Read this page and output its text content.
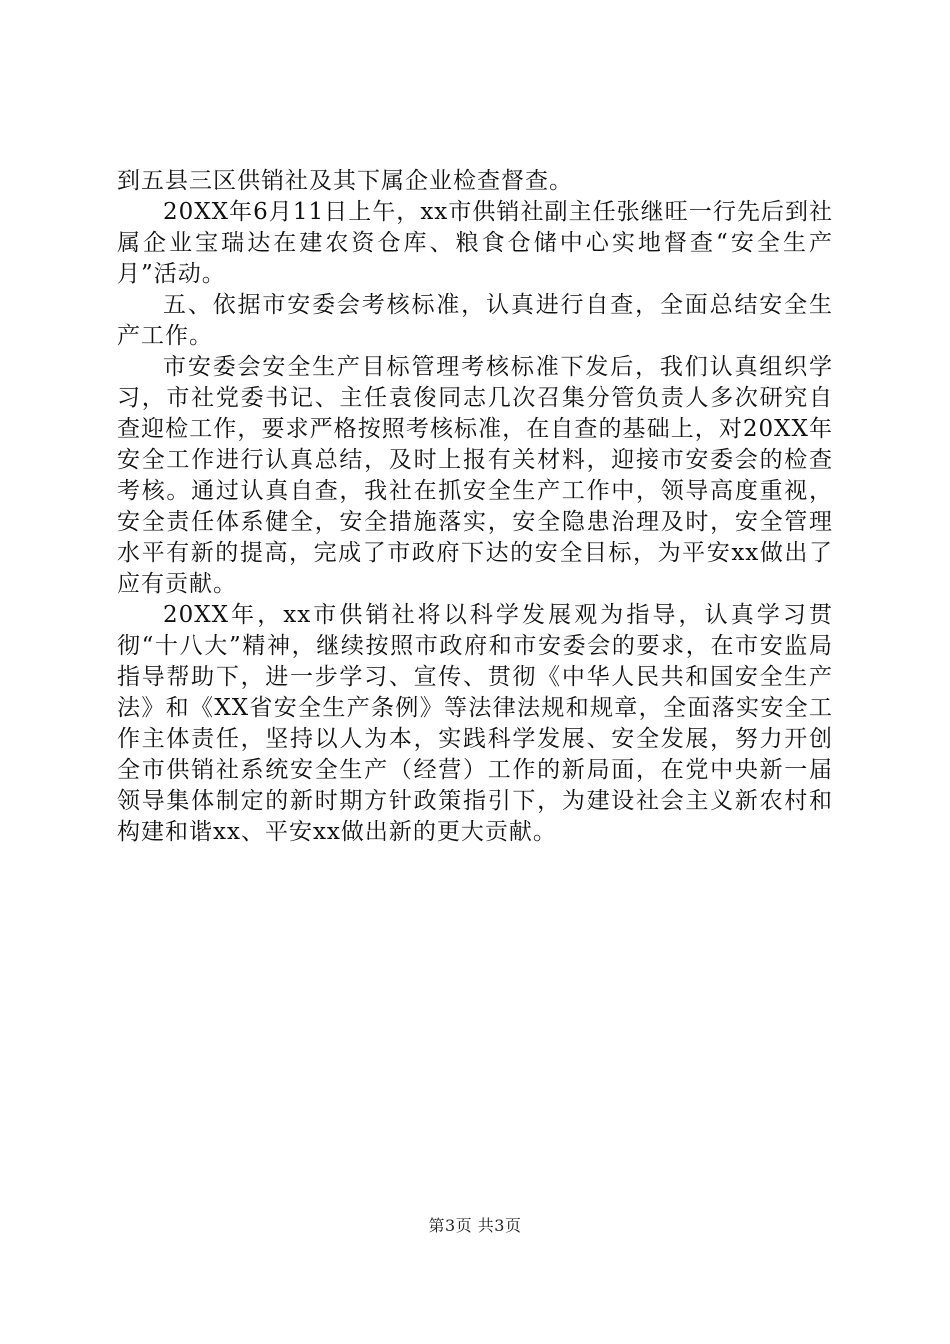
到五县三区供销社及其下属企业检查督查。

20XX年6月11日上午，xx市供销社副主任张继旺一行先后到社属企业宝瑞达在建农资仓库、粮食仓储中心实地督查“安全生产月”活动。

五、依据市安委会考核标准，认真进行自查，全面总结安全生产工作。

市安委会安全生产目标管理考核标准下发后，我们认真组织学习，市社党委书记、主任袁俊同志几次召集分管负责人多次研究自查迎检工作，要求严格按照考核标准，在自查的基础上，对20XX年安全工作进行认真总结，及时上报有关材料，迎接市安委会的检查考核。通过认真自查，我社在抓安全生产工作中，领导高度重视，安全责任体系健全，安全措施落实，安全隐患治理及时，安全管理水平有新的提高，完成了市政府下达的安全目标，为平安xx做出了应有贡献。

20XX年，xx市供销社将以科学发展观为指导，认真学习贯彻“十八大”精神，继续按照市政府和市安委会的要求，在市安监局指导帮助下，进一步学习、宣传、贯彻《中华人民共和国安全生产法》和《XX省安全生产条例》等法律法规和规章，全面落实安全工作主体责任，坚持以人为本，实践科学发展、安全发展，努力开创全市供销社系统安全生产（经营）工作的新局面，在党中央新一届领导集体制定的新时期方针政策指引下，为建设社会主义新农村和构建和谐xx、平安xx做出新的更大贡献。

第3页 共3页
